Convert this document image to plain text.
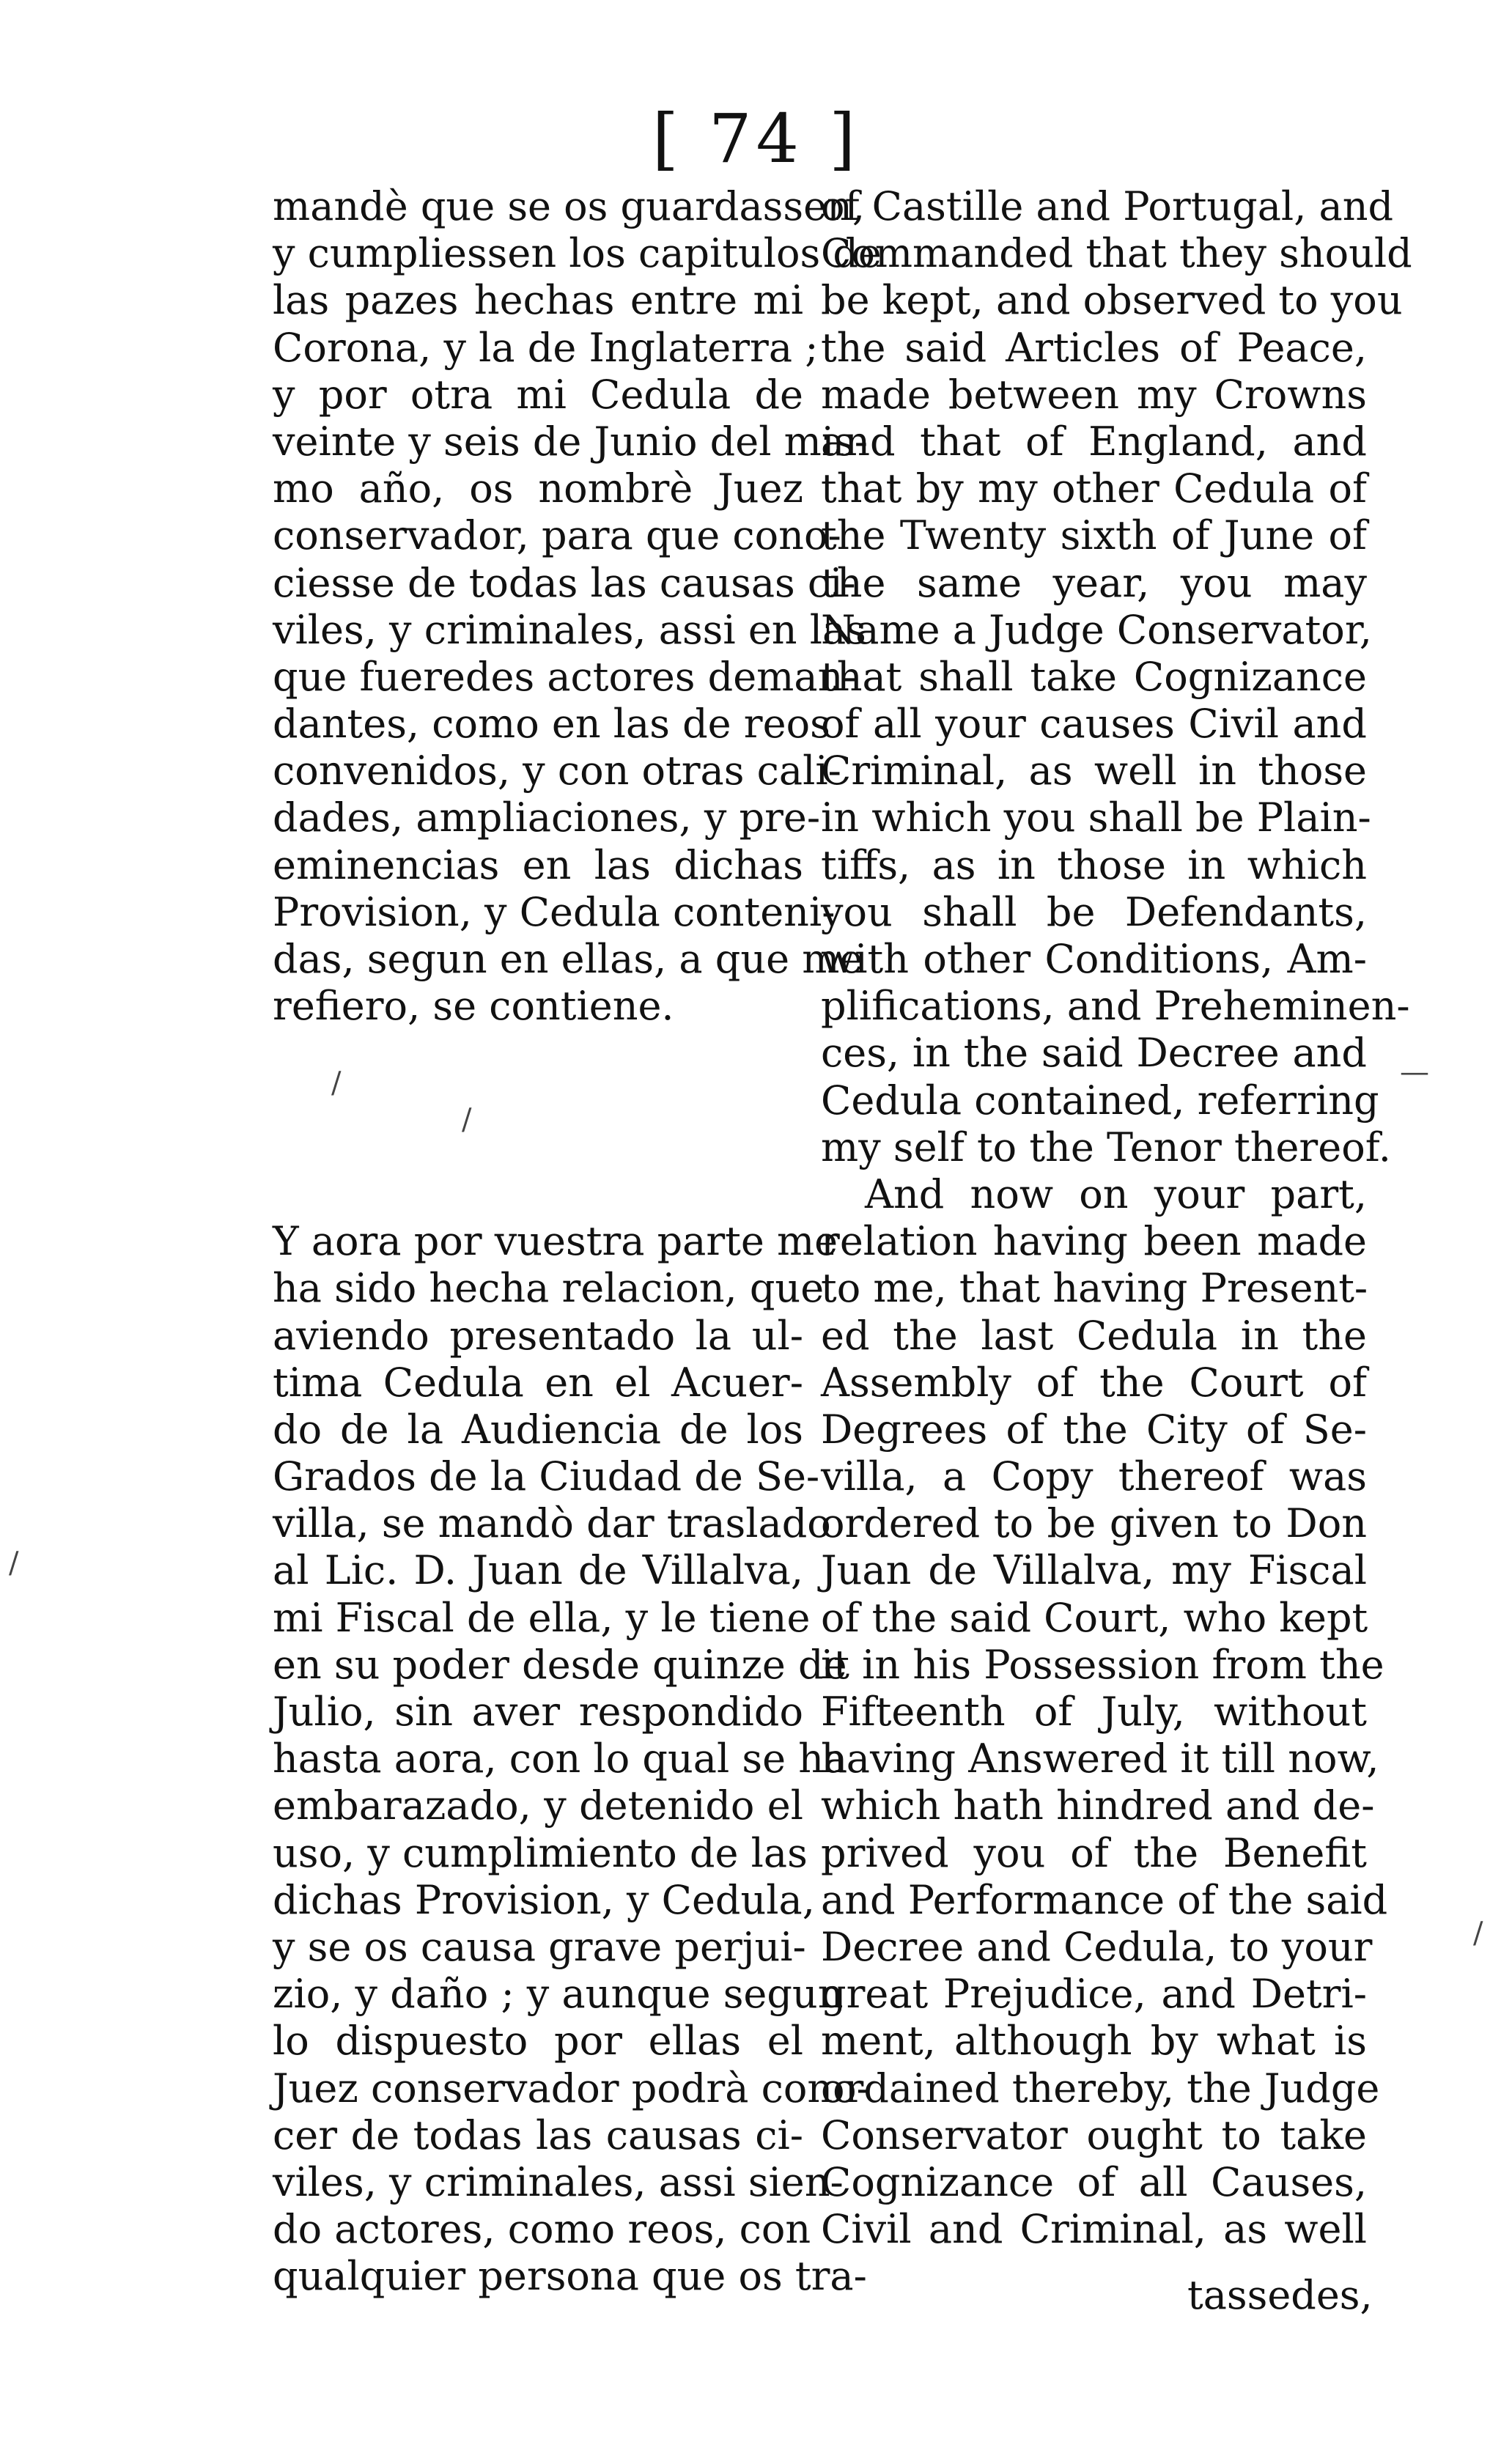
[ 74 ]
mandè que se os guardassen,
y cumpliessen los capitulos de
las pazes hechas entre mi
Corona, y la de Inglaterra ;
y por otra mi Cedula de
veinte y seis de Junio del mis-
mo año, os nombrè Juez
conservador, para que cono-
ciesse de todas las causas ci-
viles, y criminales, assi en las
que fueredes actores deman-
dantes, como en las de reos
convenidos, y con otras cali-
dades, ampliaciones, y pre-
eminencias en las dichas
Provision, y Cedula conteni-
das, segun en ellas, a que me
refiero, se contiene.
Y aora por vuestra parte me
ha sido hecha relacion, que
aviendo presentado la ul-
tima Cedula en el Acuer-
do de la Audiencia de los
Grados de la Ciudad de Se-
villa, se mandò dar traslado
al Lic. D. Juan de Villalva,
mi Fiscal de ella, y le tiene
en su poder desde quinze de
Julio, sin aver respondido
hasta aora, con lo qual se ha
embarazado, y detenido el
uso, y cumplimiento de las
dichas Provision, y Cedula,
y se os causa grave perjui-
zio, y daño ; y aunque segun
lo dispuesto por ellas el
Juez conservador podrà cono-
cer de todas las causas ci-
viles, y criminales, assi sien-
do actores, como reos, con
qualquier persona que os tra-
of Castille and Portugal, and
Commanded that they should
be kept, and observed to you
the said Articles of Peace,
made between my Crowns
and that of England, and
that by my other Cedula of
the Twenty sixth of June of
the same year, you may
Name a Judge Conservator,
that shall take Cognizance
of all your causes Civil and
Criminal, as well in those
in which you shall be Plain-
tiffs, as in those in which
you shall be Defendants,
with other Conditions, Am-
plifications, and Preheminen-
ces, in the said Decree and
Cedula contained, referring
my self to the Tenor thereof.
And now on your part,
relation having been made
to me, that having Present-
ed the last Cedula in the
Assembly of the Court of
Degrees of the City of Se-
villa, a Copy thereof was
ordered to be given to Don
Juan de Villalva, my Fiscal
of the said Court, who kept
it in his Possession from the
Fifteenth of July, without
having Answered it till now,
which hath hindred and de-
prived you of the Benefit
and Performance of the said
Decree and Cedula, to your
great Prejudice, and Detri-
ment, although by what is
ordained thereby, the Judge
Conservator ought to take
Cognizance of all Causes,
Civil and Criminal, as well
tassedes,
/
/
—
/
/
